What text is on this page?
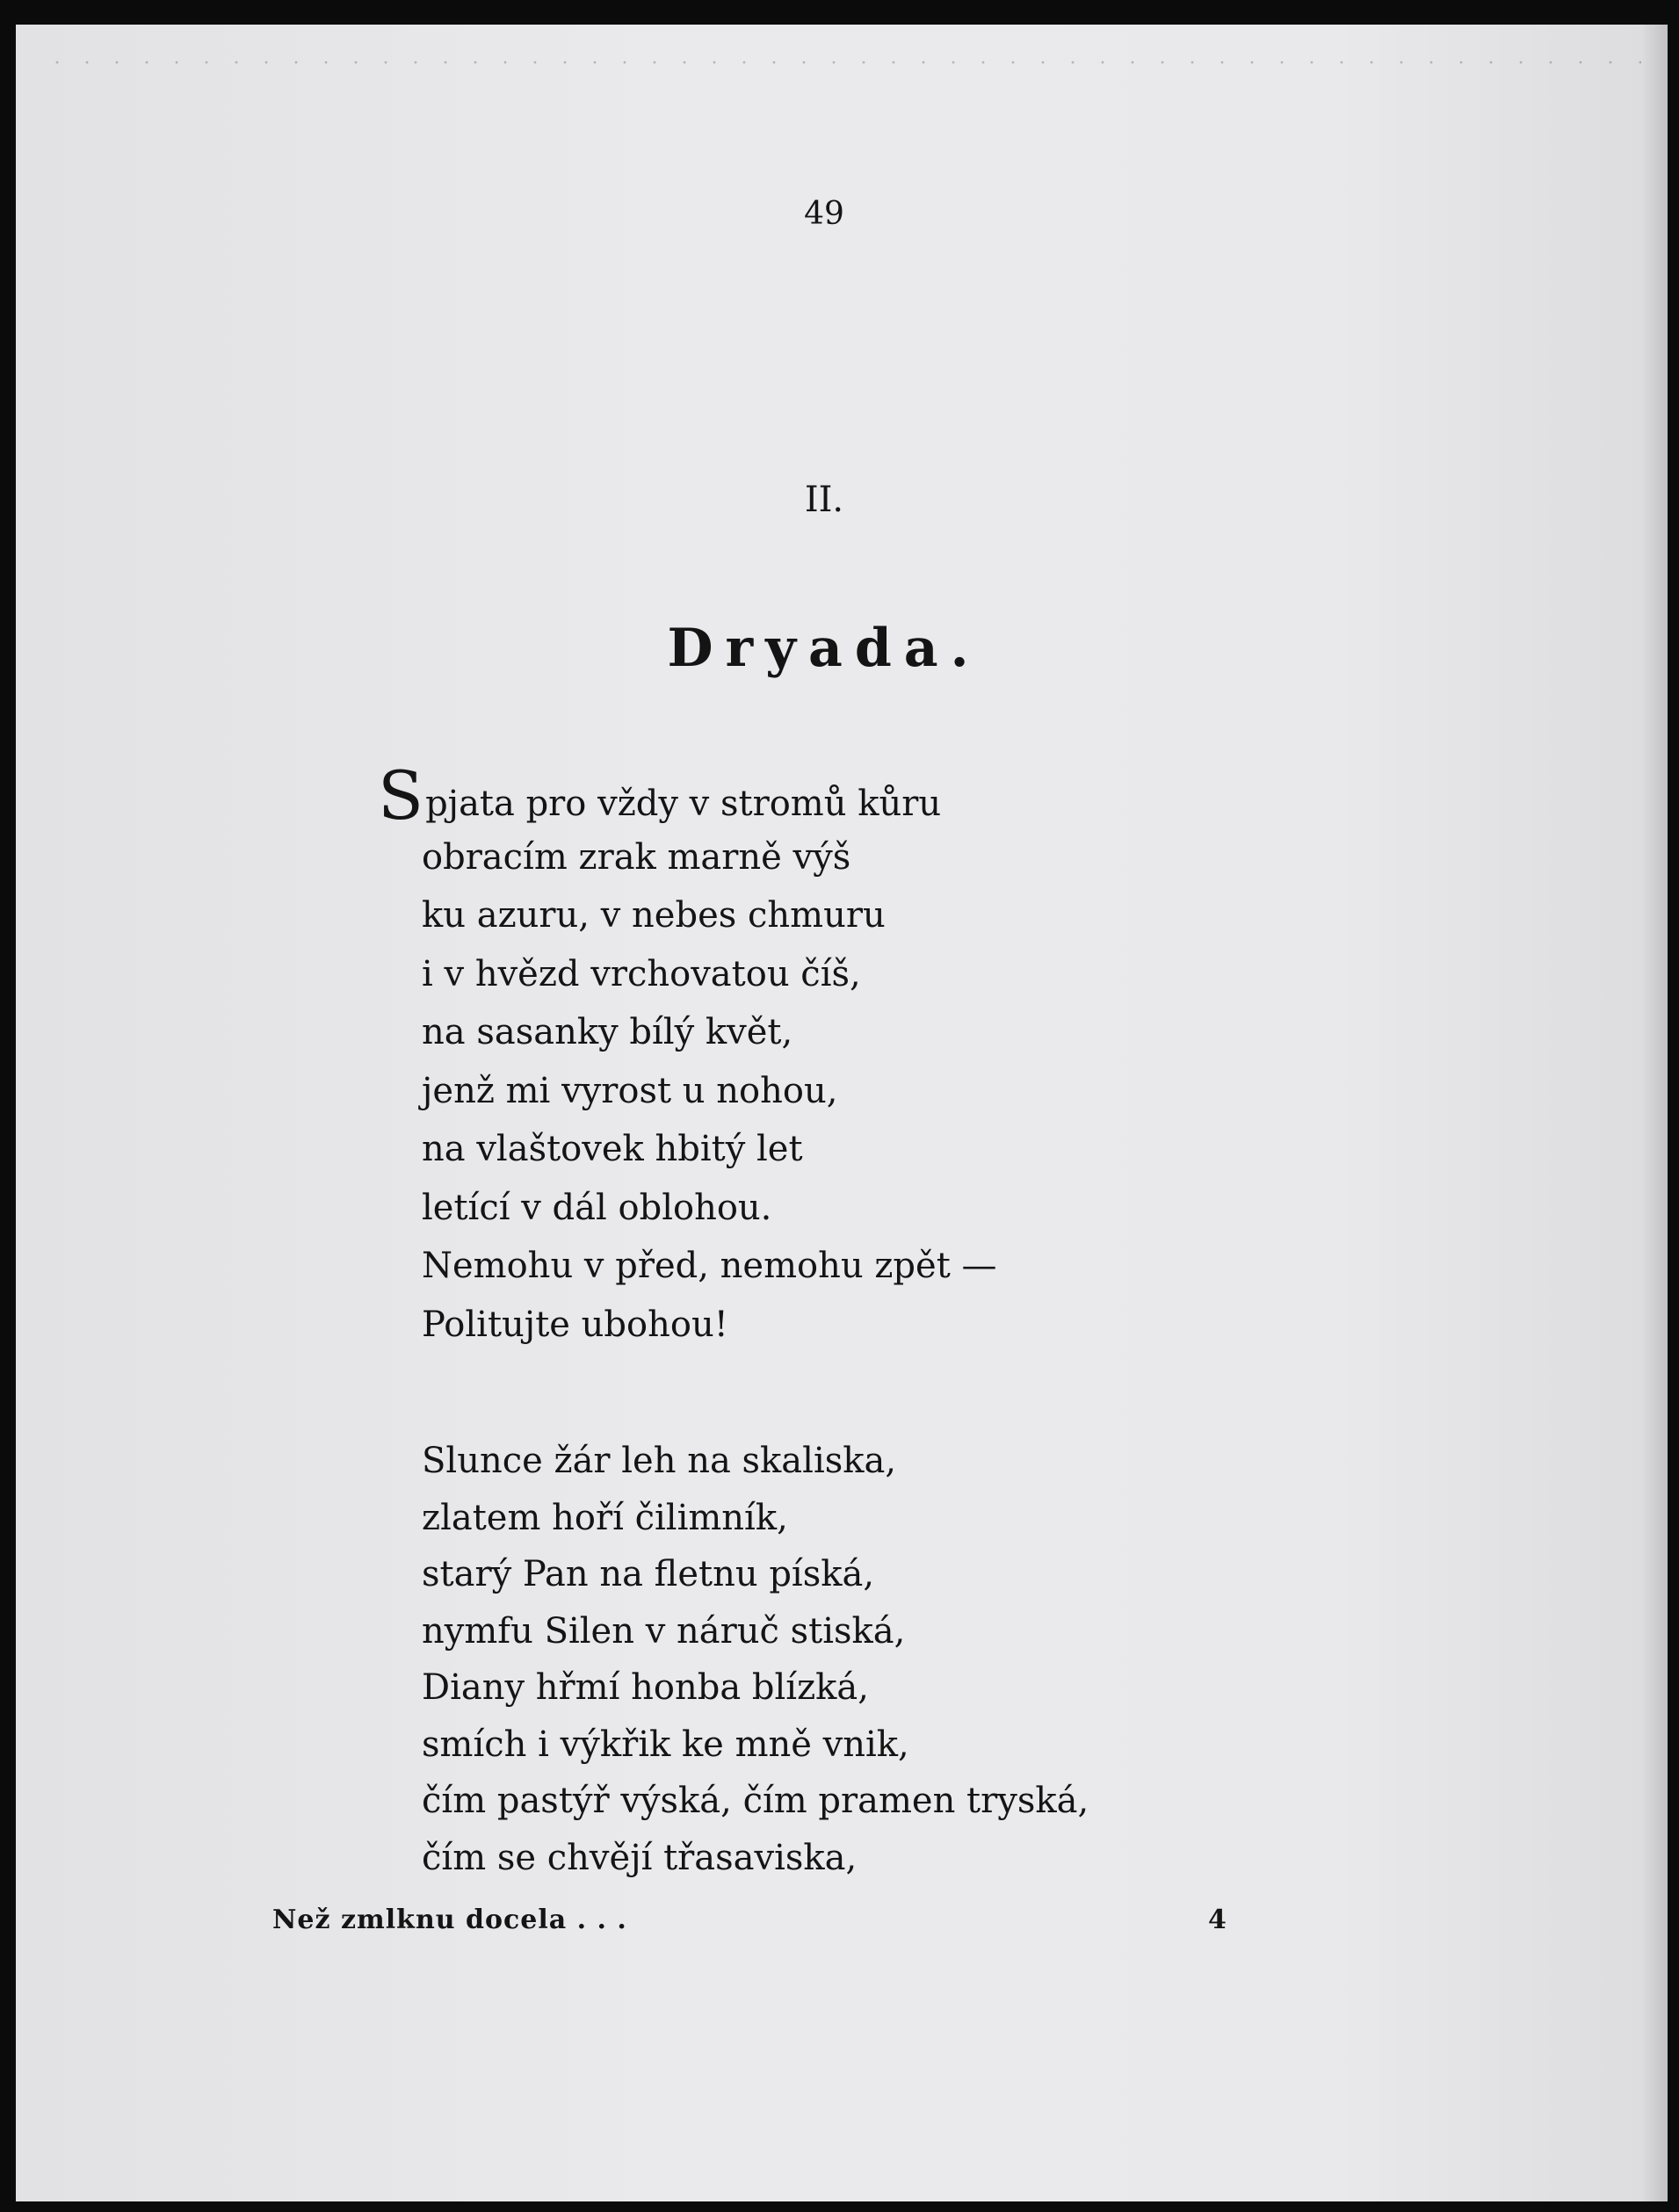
49
II.
Dryada.
Spjata pro vždy v stromů kůru
obracím zrak marně výš
ku azuru, v nebes chmuru
i v hvězd vrchovatou číš,
na sasanky bílý květ,
jenž mi vyrost u nohou,
na vlaštovek hbitý let
letící v dál oblohou.
Nemohu v před, nemohu zpět —
Politujte ubohou!
Slunce žár leh na skaliska,
zlatem hoří čilimník,
starý Pan na fletnu píská,
nymfu Silen v náruč stiská,
Diany hřmí honba blízká,
smích i výkřik ke mně vnik,
čím pastýř výská, čím pramen tryská,
čím se chvějí třasaviska,
Než zmlknu docela . . .	4
